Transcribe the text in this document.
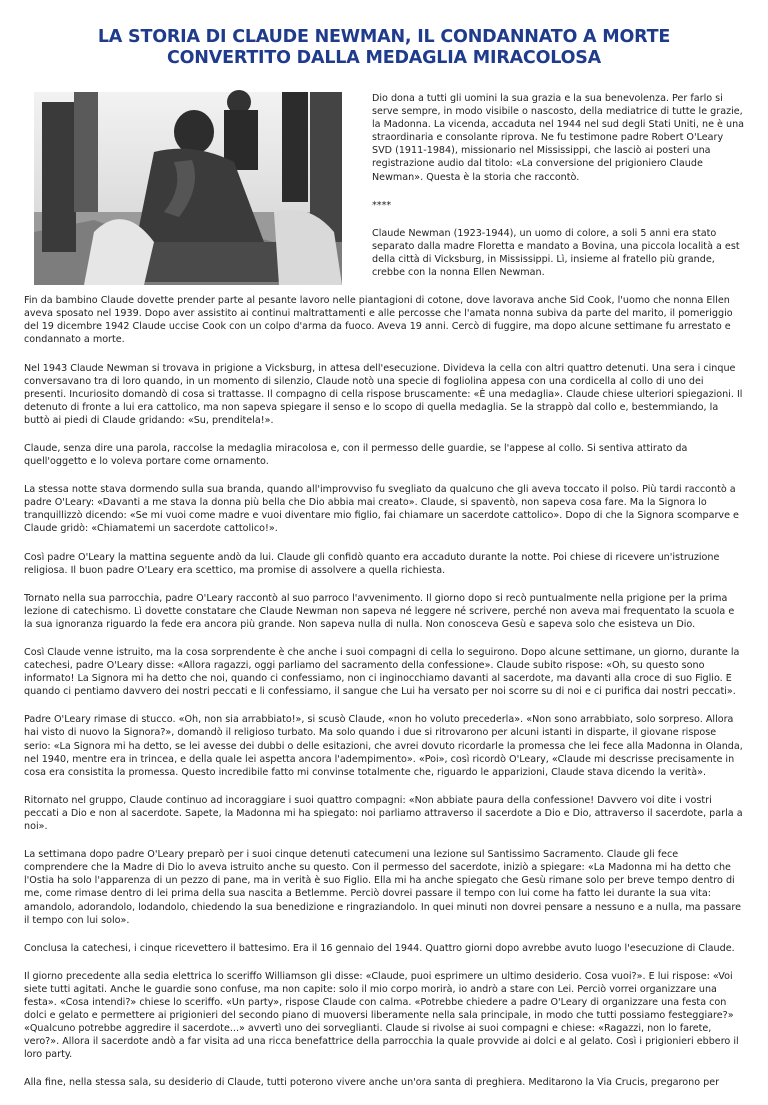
LA STORIA DI CLAUDE NEWMAN, IL CONDANNATO A MORTE
CONVERTITO DALLA MEDAGLIA MIRACOLOSA

Dio dona a tutti gli uomini la sua grazia e la sua benevolenza. Per farlo si serve sempre, in modo visibile o nascosto, della mediatrice di tutte le grazie, la Madonna. La vicenda, accaduta nel 1944 nel sud degli Stati Uniti, ne è una straordinaria e consolante riprova. Ne fu testimone padre Robert O'Leary SVD (1911-1984), missionario nel Mississippi, che lasciò ai posteri una registrazione audio dal titolo: «La conversione del prigioniero Claude Newman». Questa è la storia che raccontò.

****

Claude Newman (1923-1944), un uomo di colore, a soli 5 anni era stato separato dalla madre Floretta e mandato a Bovina, una piccola località a est della città di Vicksburg, in Mississippi. Lì, insieme al fratello più grande, crebbe con la nonna Ellen Newman.

Fin da bambino Claude dovette prender parte al pesante lavoro nelle piantagioni di cotone, dove lavorava anche Sid Cook, l'uomo che nonna Ellen aveva sposato nel 1939. Dopo aver assistito ai continui maltrattamenti e alle percosse che l'amata nonna subiva da parte del marito, il pomeriggio del 19 dicembre 1942 Claude uccise Cook con un colpo d'arma da fuoco. Aveva 19 anni. Cercò di fuggire, ma dopo alcune settimane fu arrestato e condannato a morte.

Nel 1943 Claude Newman si trovava in prigione a Vicksburg, in attesa dell'esecuzione. Divideva la cella con altri quattro detenuti. Una sera i cinque conversavano tra di loro quando, in un momento di silenzio, Claude notò una specie di fogliolina appesa con una cordicella al collo di uno dei presenti. Incuriosito domandò di cosa si trattasse. Il compagno di cella rispose bruscamente: «È una medaglia». Claude chiese ulteriori spiegazioni. Il detenuto di fronte a lui era cattolico, ma non sapeva spiegare il senso e lo scopo di quella medaglia. Se la strappò dal collo e, bestemmiando, la buttò ai piedi di Claude gridando: «Su, prenditela!».

Claude, senza dire una parola, raccolse la medaglia miracolosa e, con il permesso delle guardie, se l'appese al collo. Si sentiva attirato da quell'oggetto e lo voleva portare come ornamento.

La stessa notte stava dormendo sulla sua branda, quando all'improvviso fu svegliato da qualcuno che gli aveva toccato il polso. Più tardi raccontò a padre O'Leary: «Davanti a me stava la donna più bella che Dio abbia mai creato». Claude, si spaventò, non sapeva cosa fare. Ma la Signora lo tranquillizzò dicendo: «Se mi vuoi come madre e vuoi diventare mio figlio, fai chiamare un sacerdote cattolico». Dopo di che la Signora scomparve e Claude gridò: «Chiamatemi un sacerdote cattolico!».

Così padre O'Leary la mattina seguente andò da lui. Claude gli confidò quanto era accaduto durante la notte. Poi chiese di ricevere un'istruzione religiosa. Il buon padre O'Leary era scettico, ma promise di assolvere a quella richiesta.

Tornato nella sua parrocchia, padre O'Leary raccontò al suo parroco l'avvenimento. Il giorno dopo si recò puntualmente nella prigione per la prima lezione di catechismo. Lì dovette constatare che Claude Newman non sapeva né leggere né scrivere, perché non aveva mai frequentato la scuola e la sua ignoranza riguardo la fede era ancora più grande. Non sapeva nulla di nulla. Non conosceva Gesù e sapeva solo che esisteva un Dio.

Così Claude venne istruito, ma la cosa sorprendente è che anche i suoi compagni di cella lo seguirono. Dopo alcune settimane, un giorno, durante la catechesi, padre O'Leary disse: «Allora ragazzi, oggi parliamo del sacramento della confessione». Claude subito rispose: «Oh, su questo sono informato! La Signora mi ha detto che noi, quando ci confessiamo, non ci inginocchiamo davanti al sacerdote, ma davanti alla croce di suo Figlio. E quando ci pentiamo davvero dei nostri peccati e li confessiamo, il sangue che Lui ha versato per noi scorre su di noi e ci purifica dai nostri peccati».

Padre O'Leary rimase di stucco. «Oh, non sia arrabbiato!», si scusò Claude, «non ho voluto precederla». «Non sono arrabbiato, solo sorpreso. Allora hai visto di nuovo la Signora?», domandò il religioso turbato. Ma solo quando i due si ritrovarono per alcuni istanti in disparte, il giovane rispose serio: «La Signora mi ha detto, se lei avesse dei dubbi o delle esitazioni, che avrei dovuto ricordarle la promessa che lei fece alla Madonna in Olanda, nel 1940, mentre era in trincea, e della quale lei aspetta ancora l'adempimento». «Poi», così ricordò O'Leary, «Claude mi descrisse precisamente in cosa era consistita la promessa. Questo incredibile fatto mi convinse totalmente che, riguardo le apparizioni, Claude stava dicendo la verità».

Ritornato nel gruppo, Claude continuo ad incoraggiare i suoi quattro compagni: «Non abbiate paura della confessione! Davvero voi dite i vostri peccati a Dio e non al sacerdote. Sapete, la Madonna mi ha spiegato: noi parliamo attraverso il sacerdote a Dio e Dio, attraverso il sacerdote, parla a noi».

La settimana dopo padre O'Leary preparò per i suoi cinque detenuti catecumeni una lezione sul Santissimo Sacramento. Claude gli fece comprendere che la Madre di Dio lo aveva istruito anche su questo. Con il permesso del sacerdote, iniziò a spiegare: «La Madonna mi ha detto che l'Ostia ha solo l'apparenza di un pezzo di pane, ma in verità è suo Figlio. Ella mi ha anche spiegato che Gesù rimane solo per breve tempo dentro di me, come rimase dentro di lei prima della sua nascita a Betlemme. Perciò dovrei passare il tempo con lui come ha fatto lei durante la sua vita: amandolo, adorandolo, lodandolo, chiedendo la sua benedizione e ringraziandolo. In quei minuti non dovrei pensare a nessuno e a nulla, ma passare il tempo con lui solo».

Conclusa la catechesi, i cinque ricevettero il battesimo. Era il 16 gennaio del 1944. Quattro giorni dopo avrebbe avuto luogo l'esecuzione di Claude.

Il giorno precedente alla sedia elettrica lo sceriffo Williamson gli disse: «Claude, puoi esprimere un ultimo desiderio. Cosa vuoi?». E lui rispose: «Voi siete tutti agitati. Anche le guardie sono confuse, ma non capite: solo il mio corpo morirà, io andrò a stare con Lei. Perciò vorrei organizzare una festa». «Cosa intendi?» chiese lo sceriffo. «Un party», rispose Claude con calma. «Potrebbe chiedere a padre O'Leary di organizzare una festa con dolci e gelato e permettere ai prigionieri del secondo piano di muoversi liberamente nella sala principale, in modo che tutti possiamo festeggiare?» «Qualcuno potrebbe aggredire il sacerdote...» avvertì uno dei sorveglianti. Claude si rivolse ai suoi compagni e chiese: «Ragazzi, non lo farete, vero?». Allora il sacerdote andò a far visita ad una ricca benefattrice della parrocchia la quale provvide ai dolci e al gelato. Così i prigionieri ebbero il loro party.

Alla fine, nella stessa sala, su desiderio di Claude, tutti poterono vivere anche un'ora santa di preghiera. Meditarono la Via Crucis, pregarono per
